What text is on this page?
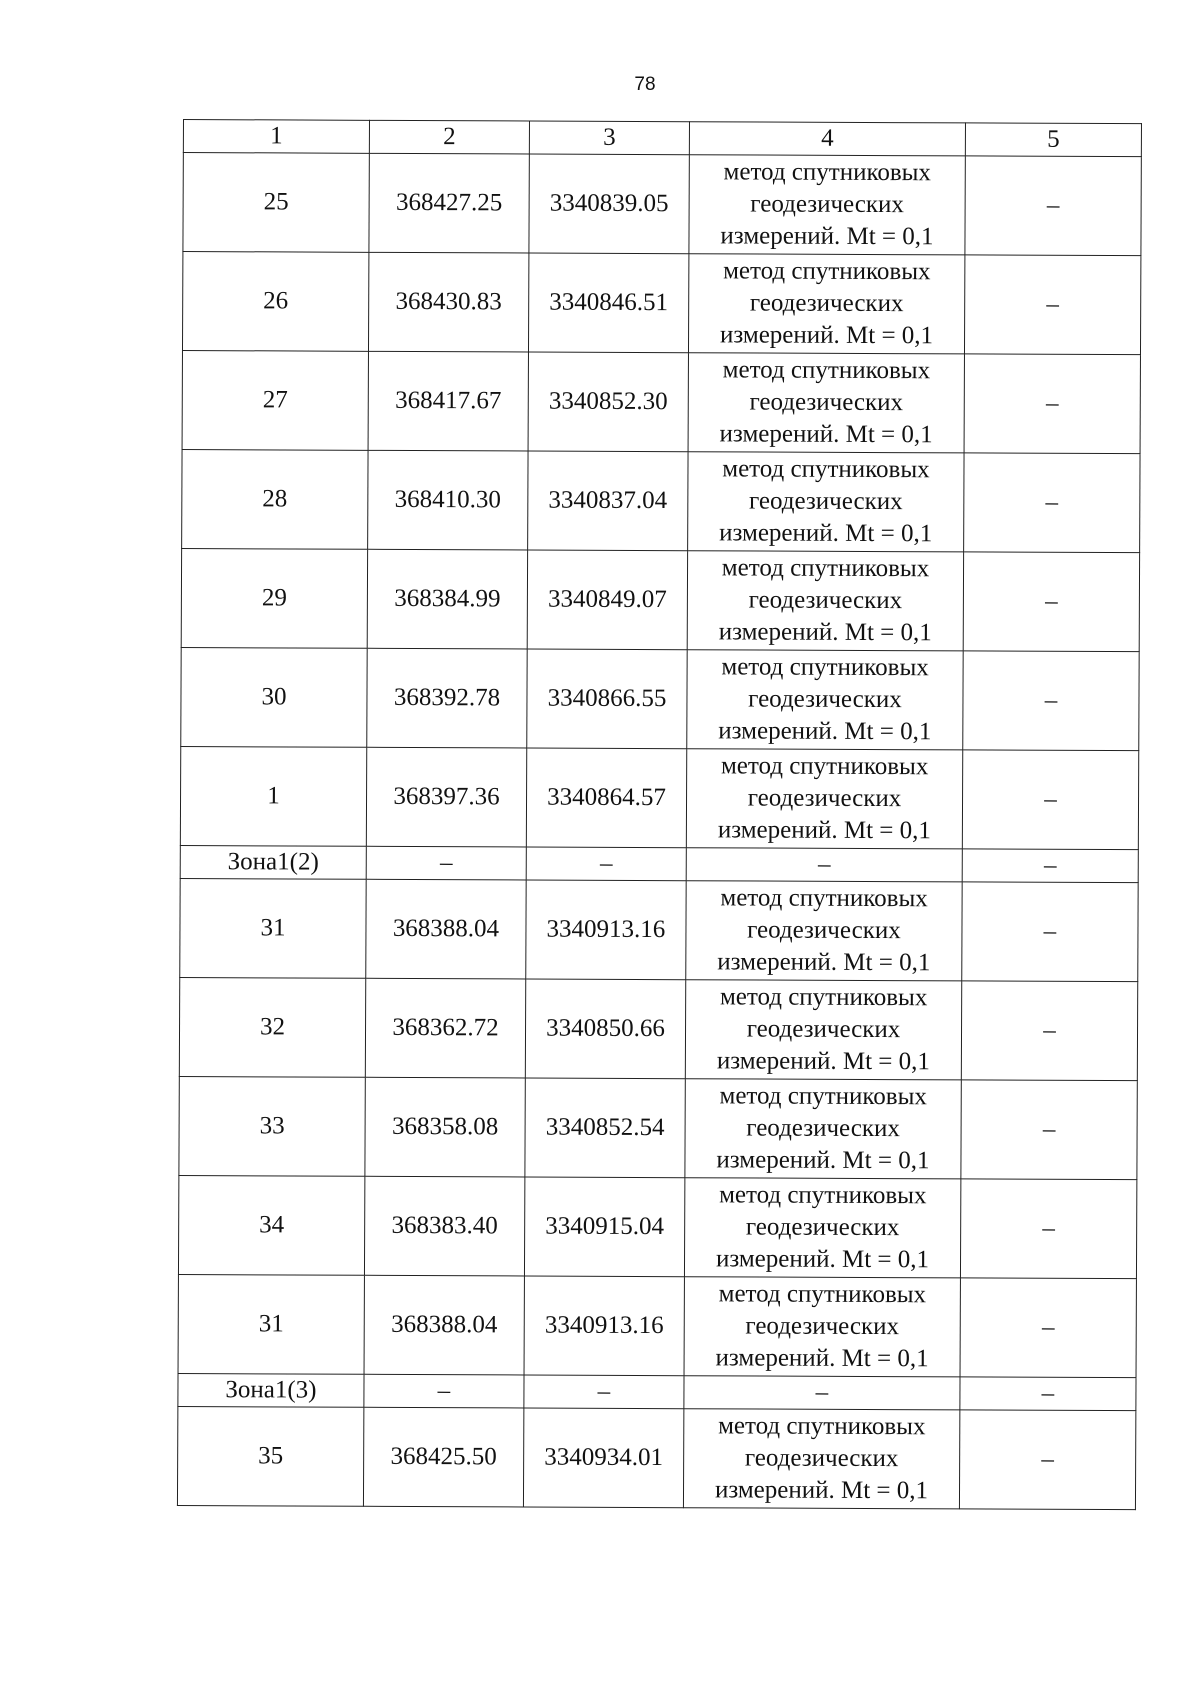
78
1	2	3	4	5
25	368427.25	3340839.05	метод спутниковых
геодезических
измерений. Mt = 0,1	–
26	368430.83	3340846.51	метод спутниковых
геодезических
измерений. Mt = 0,1	–
27	368417.67	3340852.30	метод спутниковых
геодезических
измерений. Mt = 0,1	–
28	368410.30	3340837.04	метод спутниковых
геодезических
измерений. Mt = 0,1	–
29	368384.99	3340849.07	метод спутниковых
геодезических
измерений. Mt = 0,1	–
30	368392.78	3340866.55	метод спутниковых
геодезических
измерений. Mt = 0,1	–
1	368397.36	3340864.57	метод спутниковых
геодезических
измерений. Mt = 0,1	–
Зона1(2)	–	–	–	–
31	368388.04	3340913.16	метод спутниковых
геодезических
измерений. Mt = 0,1	–
32	368362.72	3340850.66	метод спутниковых
геодезических
измерений. Mt = 0,1	–
33	368358.08	3340852.54	метод спутниковых
геодезических
измерений. Mt = 0,1	–
34	368383.40	3340915.04	метод спутниковых
геодезических
измерений. Mt = 0,1	–
31	368388.04	3340913.16	метод спутниковых
геодезических
измерений. Mt = 0,1	–
Зона1(3)	–	–	–	–
35	368425.50	3340934.01	метод спутниковых
геодезических
измерений. Mt = 0,1	–
